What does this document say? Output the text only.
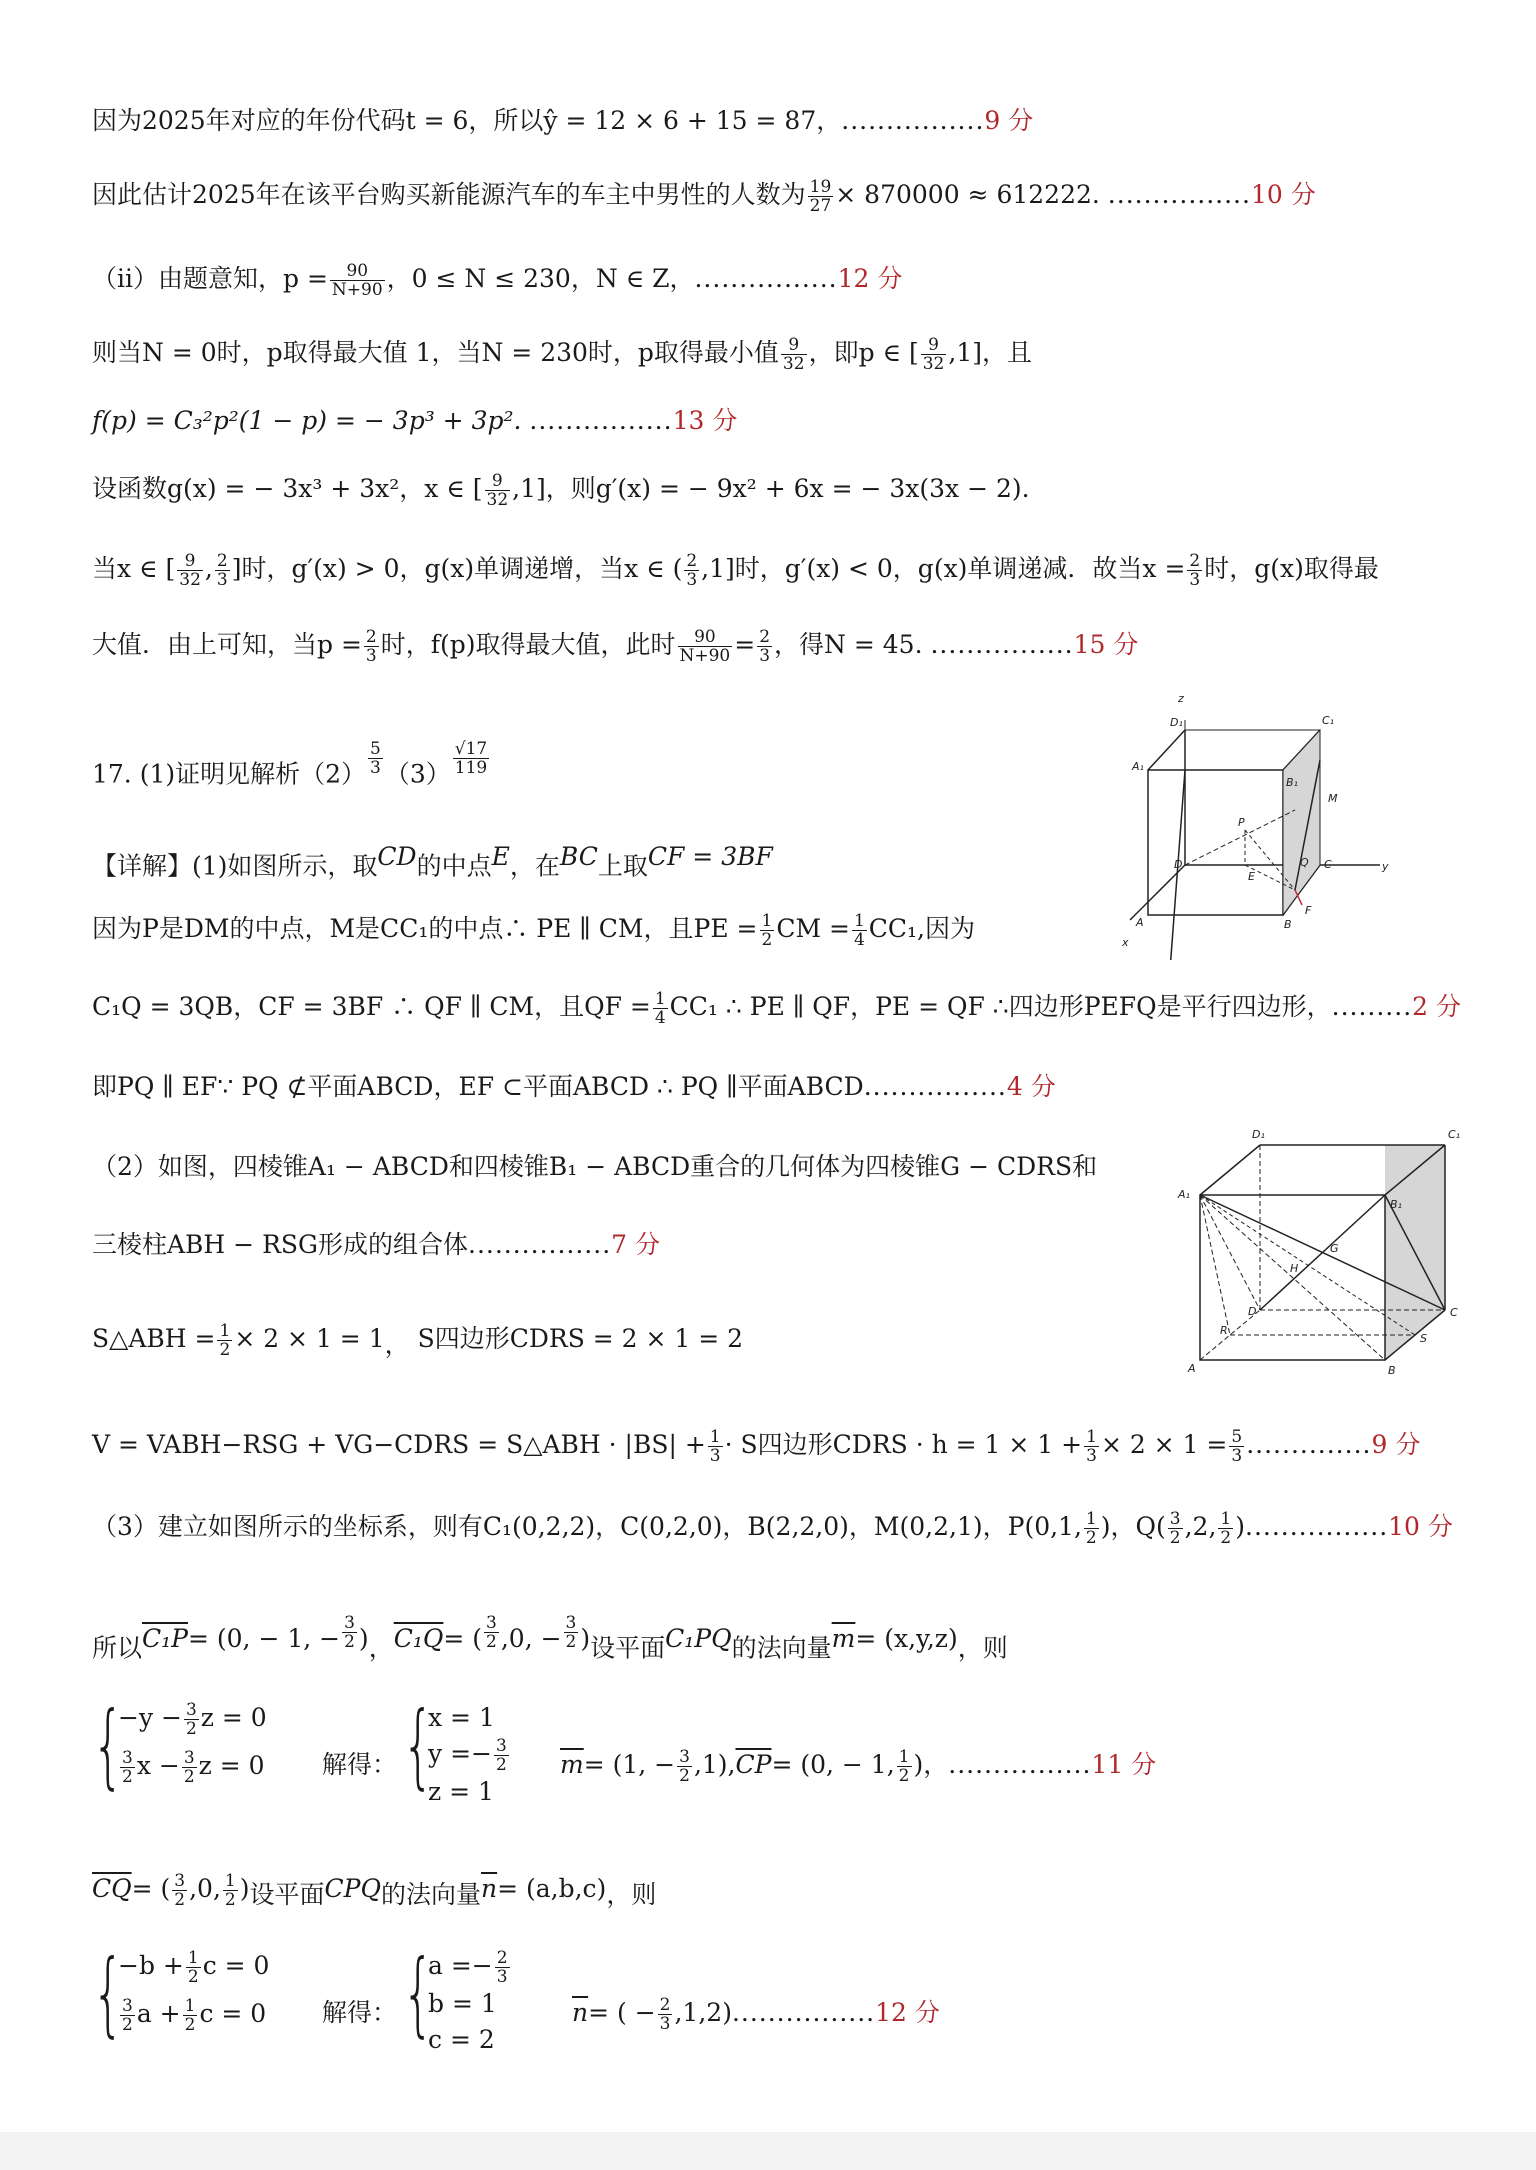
因为2025年对应的年份代码t = 6，所以ŷ = 12 × 6 + 15 = 87，................9 分
因此估计2025年在该平台购买新能源汽车的车主中男性的人数为 $\frac{19}{27} \times 870000 \approx 612222$. ................10 分
（ii）由题意知，$p = \frac{90}{N+90}$ ，0 ≤ N ≤ 230，N ∈ Z，................12 分
则当N = 0时，p取得最大值 1，当N = 230时，p取得最小值 $\frac{9}{32}$ ，即p ∈ [ $\frac{9}{32} ,1$]，且
f(p) = C₃²p²(1 − p) = − 3p³ + 3p². ................13 分
设函数g(x) = − 3x³ + 3x²，x ∈ [ $\frac{9}{32} ,1$]，则g′(x) = − 9x² + 6x = − 3x(3x − 2).
当x ∈ [ $\frac{9}{32}$ , $\frac{2}{3}$ ]时，g′(x) > 0，g(x)单调递增，当x ∈ ( $\frac{2}{3} ,1$]时，g′(x) < 0，g(x)单调递减．故当$x = \frac{2}{3}$ 时，g(x)取得最
大值．由上可知，当$p = \frac{2}{3}$ 时，f(p)取得最大值，此时 $\frac{90}{N+90} = \frac{2}{3}$ ，得N = 45. ................15 分
z
y
x
D₁	C₁
A₁
B₁
M
P
Q
D
E
C
A	B
F
17. (1)证明见解析$(2) \frac{5}{3} (3) \frac{√17}{119}$
【详解】(1)如图所示，取CD的中点E，在BC上取CF = 3BF
因为P是DM的中点，M是CC₁的中点∴ PE ∥ CM，且PE = $\frac{1}{2}$ CM = $\frac{1}{4} CC_1$,因为
C₁Q = 3QB，CF = 3BF ∴ QF ∥ CM，且QF = $\frac{1}{4} CC_1$ ∴ PE ∥ QF，PE = QF ∴四边形PEFQ是平行四边形，.........2 分
即PQ ∥ EF∵ PQ ⊄平面ABCD，EF ⊂平面ABCD ∴ PQ ∥平面ABCD................4 分
D₁	C₁
A₁
B₁
G
H
D	C
R
S
A	B
（2）如图，四棱锥A₁ − ABCD和四棱锥B₁ − ABCD重合的几何体为四棱锥G − CDRS和
三棱柱ABH − RSG形成的组合体................7 分
S△ABH = $\frac{1}{2} \times 2 \times 1 = 1$， S四边形CDRS = 2 × 1 = 2
V = VABH−RSG + VG−CDRS = S△ABH · $|BS| + \frac{1}{3} \cdot S$四边形CDRS · $h = 1 \times 1 + \frac{1}{3} \times 2 \times 1 = \frac{5}{3} ..............9$ 分
（3）建立如图所示的坐标系，则有C₁(0,2,2)，C(0,2,0)，B(2,2,0)，M(0,2,1)，P(0,1, $\frac{1}{2}$ )，$Q( \frac{3}{2} ,2$, $\frac{1}{2} )................10$ 分
所以C₁P= (0, − 1, − $\frac{3}{2}$ )，C₁Q= ( $\frac{3}{2} ,0$, − $\frac{3}{2}$ )设平面C₁PQ的法向量$\overline{m}= (x,y,z)$，则
{
$-y - \frac{3}{2}$ z = 0
$\frac{3}{2}$ $x - \frac{3}{2}$ z = 0 解得： {
x = 1
$y =- \frac{3}{2}$
z = 1
$\overline{m}= (1$, − $\frac{3}{2} ,1),\overline{CP}= (0$, − 1, $\frac{1}{2}$ )，................11 分
$\overline{CQ}=$ ( $\frac{3}{2} ,0$, $\frac{1}{2}$ )设平面CPQ的法向量$\overline{n}= (a,b,c)$，则
{
$-b + \frac{1}{2}$ c = 0
$\frac{3}{2}$ $a + \frac{1}{2}$ c = 0 解得： {
$a =- \frac{2}{3}$
b = 1
c = 2
$\overline{n}=$ ( − $\frac{2}{3} ,1,2)................12$ 分
